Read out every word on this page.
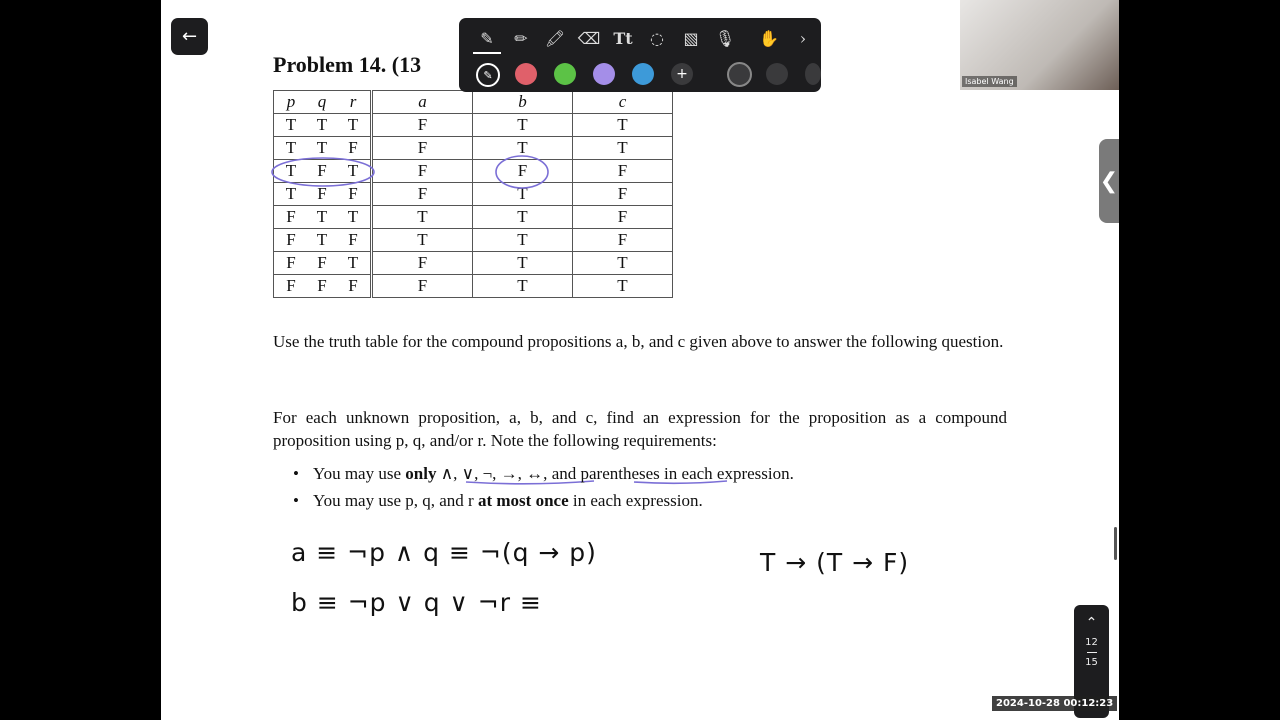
←
Problem 14. (13
p q r	a	b	c
T T T	F	T	T
T T F	F	T	T
T F T	F	F	F
T F F	F	T	F
F T T	T	T	F
F T F	T	T	F
F F T	F	T	T
F F F	F	T	T
Use the truth table for the compound propositions a, b, and c given above to answer the following question.
For each unknown proposition, a, b, and c, find an expression for the proposition as a compound proposition using p, q, and/or r. Note the following requirements:
• You may use only ∧, ∨, ¬, →, ↔, and parentheses in each expression.
• You may use p, q, and r at most once in each expression.
a ≡ ¬p ∧ q ≡ ¬(q → p)
b ≡ ¬p ∨ q ∨ ¬r ≡
T → (T → F)
✎	✏	🖍 ⌫ Tt	◌	▧	🎙 ✋	›
✎	+	Isabel Wang
❮
⌃
12
15
2024-10-28 00:12:23
